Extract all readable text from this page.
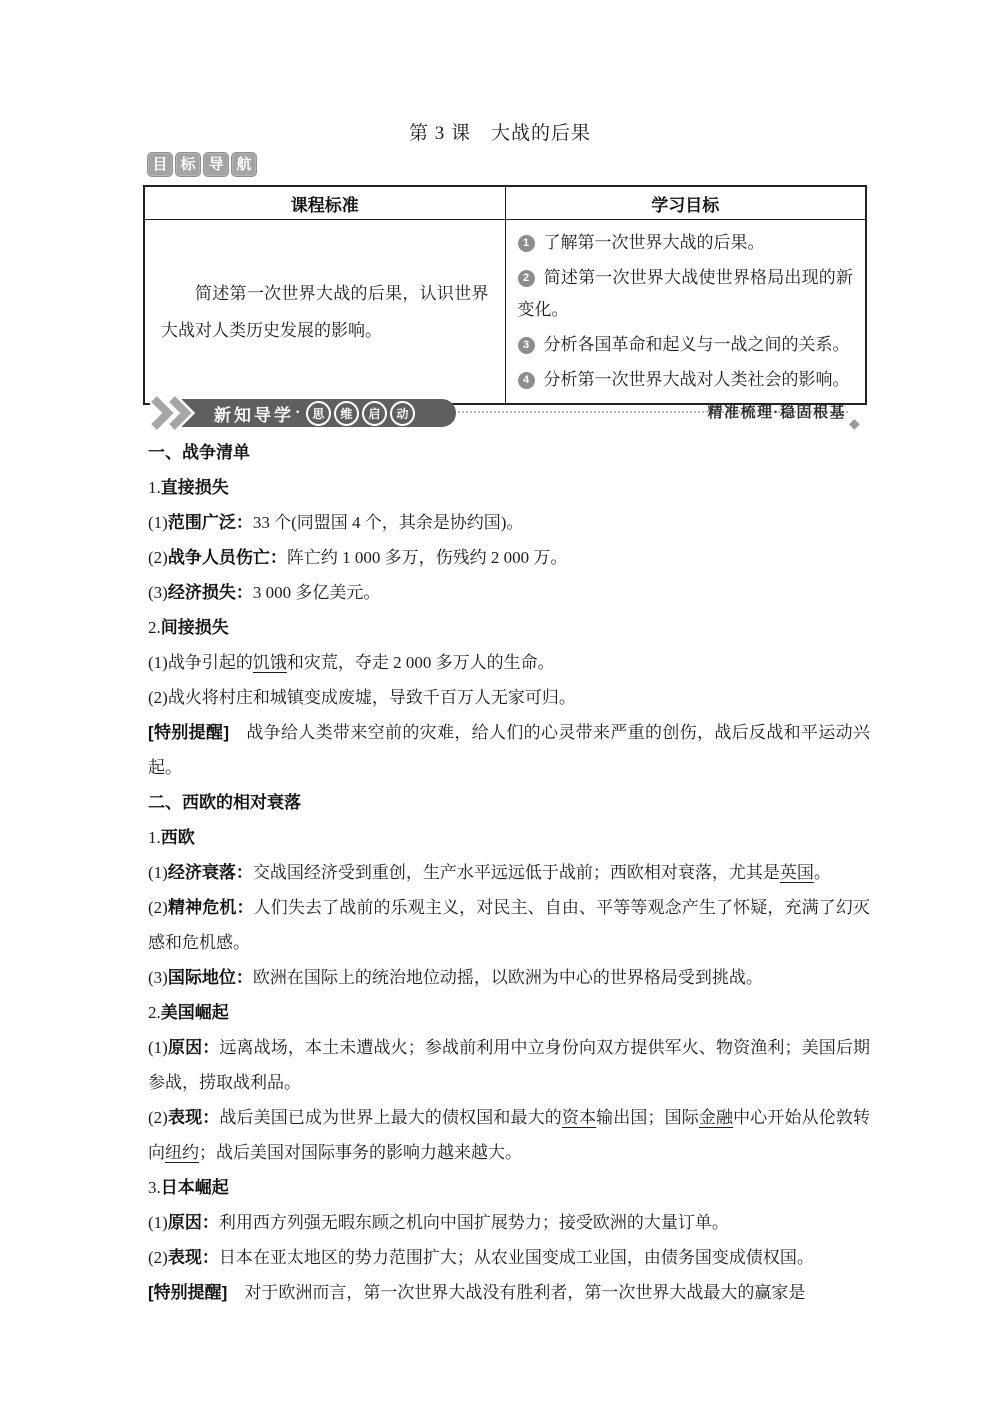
第 3 课　大战的后果
目 标 导 航
课程标准	学习目标
简述第一次世界大战的后果，认识世界大战对人类历史发展的影响。	1 了解第一次世界大战的后果。
2 简述第一次世界大战使世界格局出现的新变化。
3 分析各国革命和起义与一战之间的关系。
4 分析第一次世界大战对人类社会的影响。
新知导学 · 思 维 启 动	精准梳理·稳固根基
◆
一、战争清单
1.直接损失
(1)范围广泛：33 个(同盟国 4 个，其余是协约国)。
(2)战争人员伤亡：阵亡约 1 000 多万，伤残约 2 000 万。
(3)经济损失：3 000 多亿美元。
2.间接损失
(1)战争引起的饥饿和灾荒，夺走 2 000 多万人的生命。
(2)战火将村庄和城镇变成废墟，导致千百万人无家可归。
[特别提醒] 战争给人类带来空前的灾难，给人们的心灵带来严重的创伤，战后反战和平运动兴起。
二、西欧的相对衰落
1.西欧
(1)经济衰落：交战国经济受到重创，生产水平远远低于战前；西欧相对衰落，尤其是英国。
(2)精神危机：人们失去了战前的乐观主义，对民主、自由、平等等观念产生了怀疑，充满了幻灭感和危机感。
(3)国际地位：欧洲在国际上的统治地位动摇，以欧洲为中心的世界格局受到挑战。
2.美国崛起
(1)原因：远离战场，本土未遭战火；参战前利用中立身份向双方提供军火、物资渔利；美国后期参战，捞取战利品。
(2)表现：战后美国已成为世界上最大的债权国和最大的资本输出国；国际金融中心开始从伦敦转向纽约；战后美国对国际事务的影响力越来越大。
3.日本崛起
(1)原因：利用西方列强无暇东顾之机向中国扩展势力；接受欧洲的大量订单。
(2)表现：日本在亚太地区的势力范围扩大；从农业国变成工业国，由债务国变成债权国。
[特别提醒] 对于欧洲而言，第一次世界大战没有胜利者，第一次世界大战最大的赢家是
